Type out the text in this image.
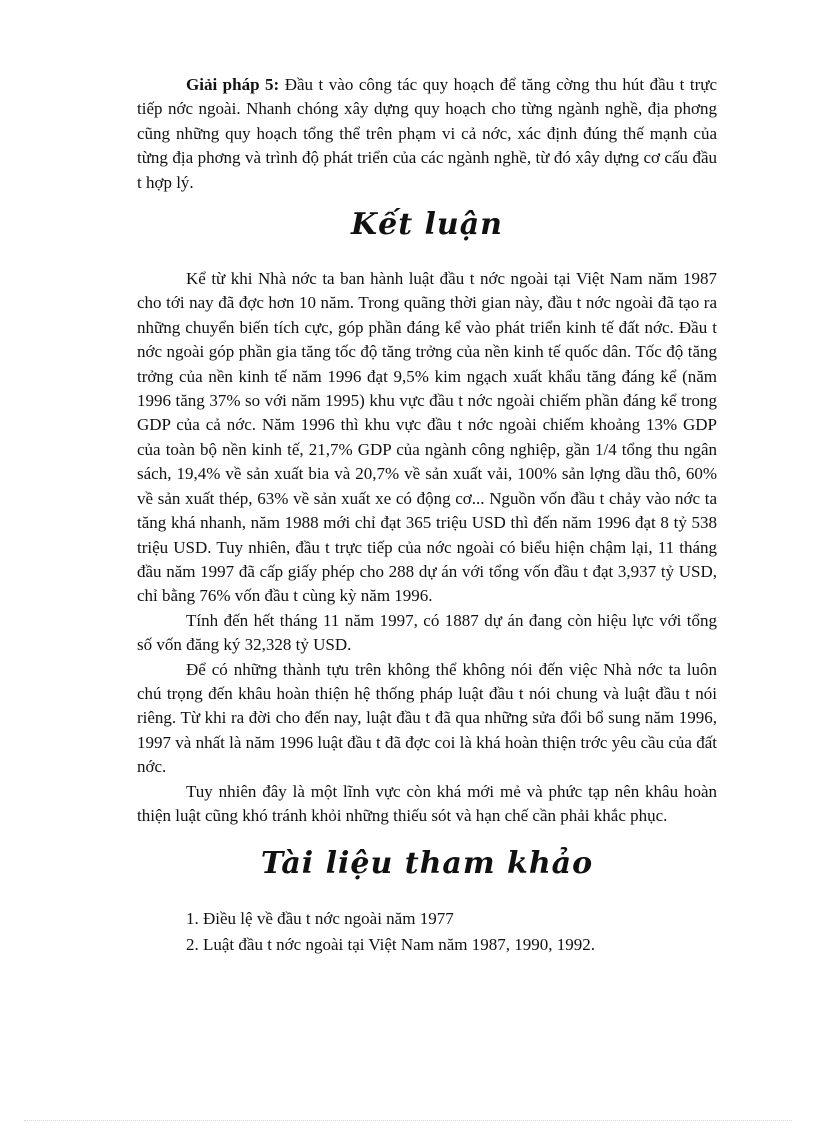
Giải pháp 5: Đầu t vào công tác quy hoạch để tăng cờng thu hút đầu t trực tiếp nớc ngoài. Nhanh chóng xây dựng quy hoạch cho từng ngành nghề, địa phơng cũng những quy hoạch tổng thể trên phạm vi cả nớc, xác định đúng thế mạnh của từng địa phơng và trình độ phát triển của các ngành nghề, từ đó xây dựng cơ cấu đầu t hợp lý.

Kết luận

Kể từ khi Nhà nớc ta ban hành luật đầu t nớc ngoài tại Việt Nam năm 1987 cho tới nay đã đợc hơn 10 năm. Trong quãng thời gian này, đầu t nớc ngoài đã tạo ra những chuyển biến tích cực, góp phần đáng kể vào phát triển kinh tế đất nớc. Đầu t nớc ngoài góp phần gia tăng tốc độ tăng trởng của nền kinh tế quốc dân. Tốc độ tăng trởng của nền kinh tế năm 1996 đạt 9,5% kim ngạch xuất khẩu tăng đáng kể (năm 1996 tăng 37% so với năm 1995) khu vực đầu t nớc ngoài chiếm phần đáng kể trong GDP của cả nớc. Năm 1996 thì khu vực đầu t nớc ngoài chiếm khoảng 13% GDP của toàn bộ nền kinh tế, 21,7% GDP của ngành công nghiệp, gần 1/4 tổng thu ngân sách, 19,4% về sản xuất bia và 20,7% về sản xuất vải, 100% sản lợng dầu thô, 60% về sản xuất thép, 63% về sản xuất xe có động cơ... Nguồn vốn đầu t chảy vào nớc ta tăng khá nhanh, năm 1988 mới chỉ đạt 365 triệu USD thì đến năm 1996 đạt 8 tỷ 538 triệu USD. Tuy nhiên, đầu t trực tiếp của nớc ngoài có biểu hiện chậm lại, 11 tháng đầu năm 1997 đã cấp giấy phép cho 288 dự án với tổng vốn đầu t đạt 3,937 tỷ USD, chỉ bằng 76% vốn đầu t cùng kỳ năm 1996.

Tính đến hết tháng 11 năm 1997, có 1887 dự án đang còn hiệu lực với tổng số vốn đăng ký 32,328 tỷ USD.

Để có những thành tựu trên không thể không nói đến việc Nhà nớc ta luôn chú trọng đến khâu hoàn thiện hệ thống pháp luật đầu t nói chung và luật đầu t nói riêng. Từ khi ra đời cho đến nay, luật đầu t đã qua những sửa đổi bổ sung năm 1996, 1997 và nhất là năm 1996 luật đầu t đã đợc coi là khá hoàn thiện trớc yêu cầu của đất nớc.

Tuy nhiên đây là một lĩnh vực còn khá mới mẻ và phức tạp nên khâu hoàn thiện luật cũng khó tránh khỏi những thiếu sót và hạn chế cần phải khắc phục.

Tài liệu tham khảo
1. Điều lệ về đầu t nớc ngoài năm 1977
2. Luật đầu t nớc ngoài tại Việt Nam năm 1987, 1990, 1992.
